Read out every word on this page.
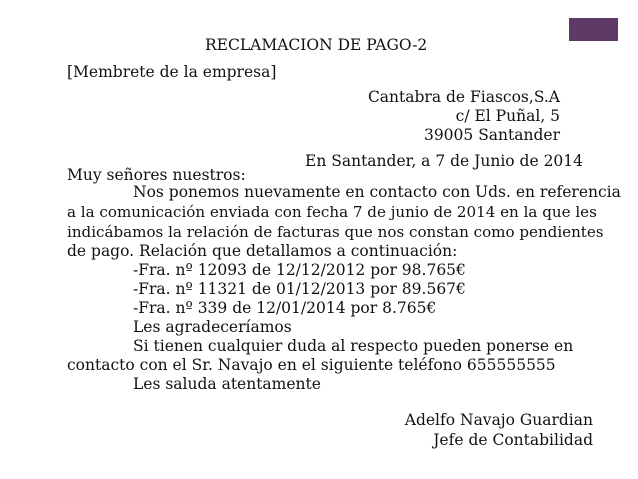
RECLAMACION DE PAGO-2
[Membrete de la empresa]
Cantabra de Fiascos,S.A
c/ El Puñal, 5
39005 Santander
En Santander, a 7 de Junio de 2014
Muy señores nuestros:
Nos ponemos nuevamente en contacto con Uds. en referencia
a la comunicación enviada con fecha 7 de junio de 2014 en la que les
indicábamos la relación de facturas que nos constan como pendientes
de pago. Relación que detallamos a continuación:
-Fra. nº 12093 de 12/12/2012 por 98.765€
-Fra. nº 11321 de 01/12/2013 por 89.567€
-Fra. nº 339 de 12/01/2014 por 8.765€
Les agradeceríamos
Si tienen cualquier duda al respecto pueden ponerse en
contacto con el Sr. Navajo en el siguiente teléfono 655555555
Les saluda atentamente
Adelfo Navajo Guardian
Jefe de Contabilidad
